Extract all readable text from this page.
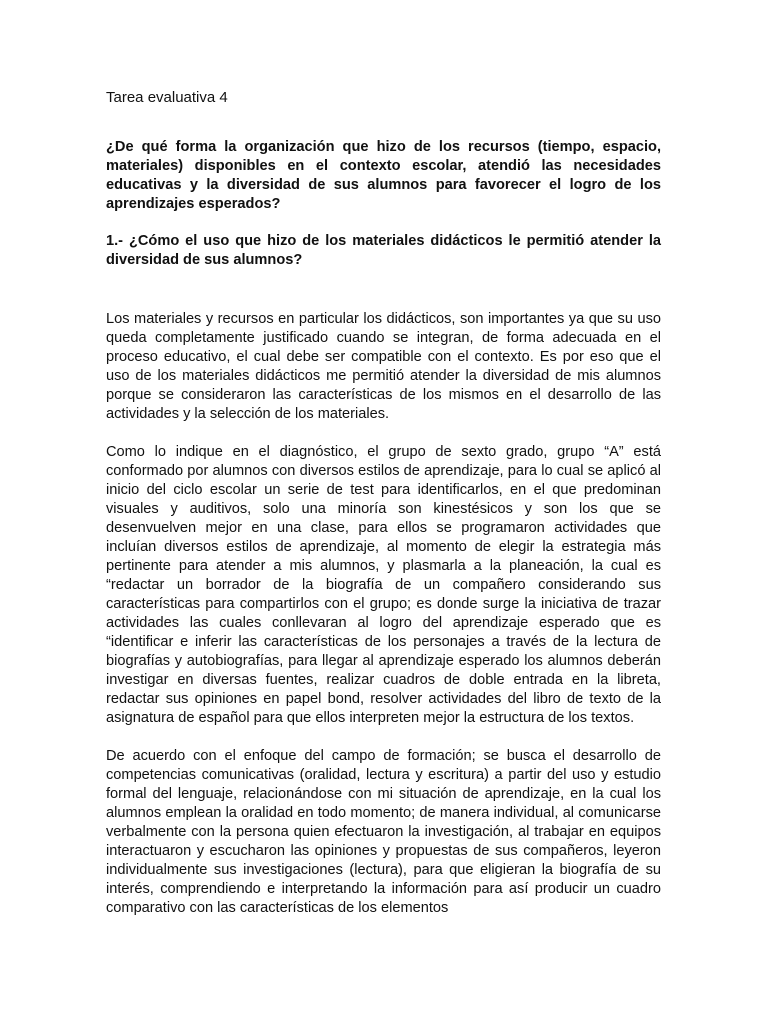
Tarea evaluativa 4

¿De qué forma la organización que hizo de los recursos (tiempo, espacio, materiales) disponibles en el contexto escolar, atendió las necesidades educativas y la diversidad de sus alumnos para favorecer el logro de los aprendizajes esperados?

1.- ¿Cómo el uso que hizo de los materiales didácticos le permitió atender la diversidad de sus alumnos?

Los materiales y recursos en particular los didácticos, son importantes ya que su uso queda completamente justificado cuando se integran, de forma adecuada en el proceso educativo, el cual debe ser compatible con el contexto. Es por eso que el uso de los materiales didácticos me permitió atender la diversidad de mis alumnos porque se consideraron las características de los mismos en el desarrollo de las actividades y la selección de los materiales.

Como lo indique en el diagnóstico, el grupo de sexto grado, grupo “A” está conformado por alumnos con diversos estilos de aprendizaje, para lo cual se aplicó al inicio del ciclo escolar un serie de test para identificarlos, en el que predominan visuales y auditivos, solo una minoría son kinestésicos y son los que se desenvuelven mejor en una clase, para ellos se programaron actividades que incluían diversos estilos de aprendizaje, al momento de elegir la estrategia más pertinente para atender a mis alumnos, y plasmarla a la planeación, la cual es “redactar un borrador de la biografía de un compañero considerando sus características para compartirlos con el grupo; es donde surge la iniciativa de trazar actividades las cuales conllevaran al logro del aprendizaje esperado que es “identificar e inferir las características de los personajes a través de la lectura de biografías y autobiografías, para llegar al aprendizaje esperado los alumnos deberán investigar en diversas fuentes, realizar cuadros de doble entrada en la libreta, redactar sus opiniones en papel bond, resolver actividades del libro de texto de la asignatura de español para que ellos interpreten mejor la estructura de los textos.

De acuerdo con el enfoque del campo de formación; se busca el desarrollo de competencias comunicativas (oralidad, lectura y escritura) a partir del uso y estudio formal del lenguaje, relacionándose con mi situación de aprendizaje, en la cual los alumnos emplean la oralidad en todo momento; de manera individual, al comunicarse verbalmente con la persona quien efectuaron la investigación, al trabajar en equipos interactuaron y escucharon las opiniones y propuestas de sus compañeros, leyeron individualmente sus investigaciones (lectura), para que eligieran la biografía de su interés, comprendiendo e interpretando la información para así producir un cuadro comparativo con las características de los elementos
